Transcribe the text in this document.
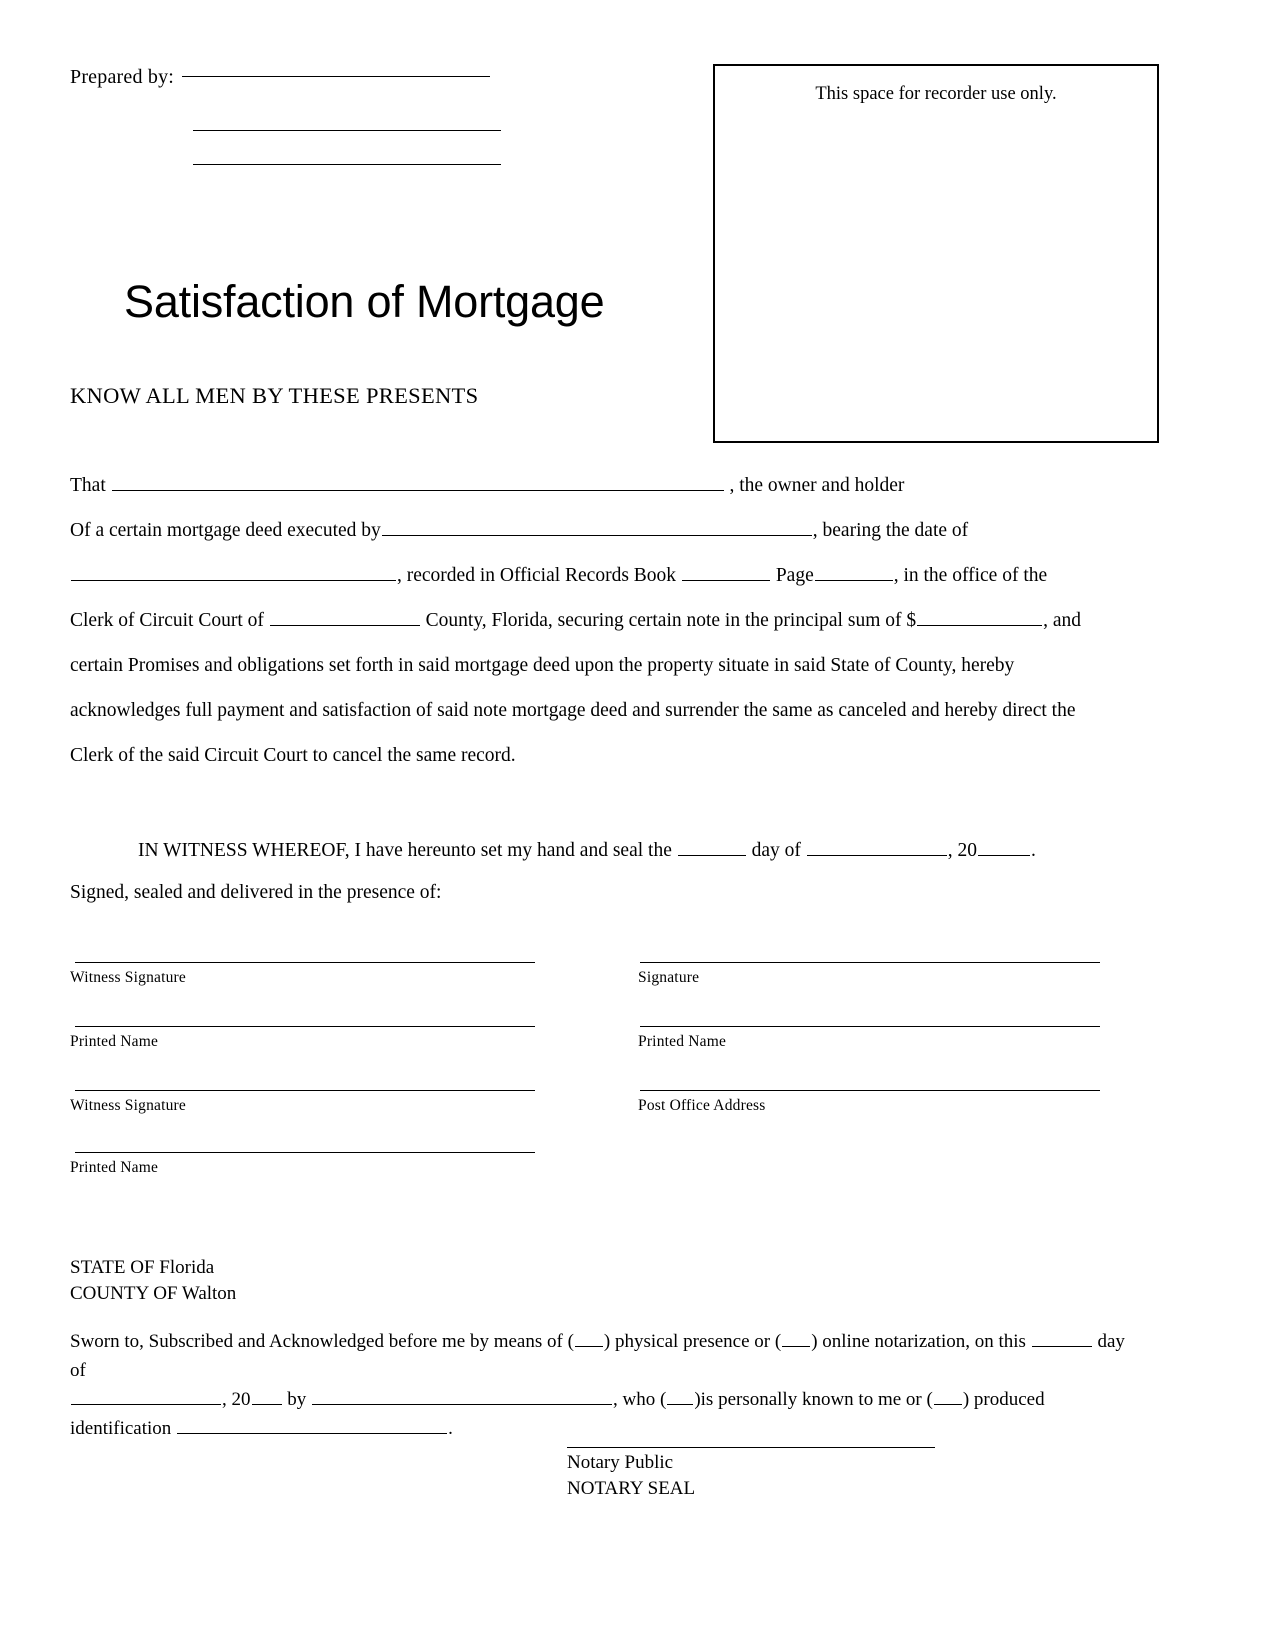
Prepared by:
This space for recorder use only.
Satisfaction of Mortgage
KNOW ALL MEN BY THESE PRESENTS
That	, the owner and holder
Of a certain mortgage deed executed by	, bearing the date of
, recorded in Official Records Book	Page	, in the office of the
Clerk of Circuit Court of	County, Florida, securing certain note in the principal sum of $	, and
certain Promises and obligations set forth in said mortgage deed upon the property situate in said State of County, hereby
acknowledges full payment and satisfaction of said note mortgage deed and surrender the same as canceled and hereby direct the
Clerk of the said Circuit Court to cancel the same record.
IN WITNESS WHEREOF, I have hereunto set my hand and seal the	day of	, 20	.
Signed, sealed and delivered in the presence of:
Witness Signature
Printed Name
Witness Signature
Printed Name
Signature
Printed Name
Post Office Address
STATE OF Florida
COUNTY OF Walton
Sworn to, Subscribed and Acknowledged before me by means of ( ) physical presence or ( ) online notarization, on this	day of
, 20 by	, who ( )is personally known to me or ( ) produced
identification	.
Notary Public
NOTARY SEAL
